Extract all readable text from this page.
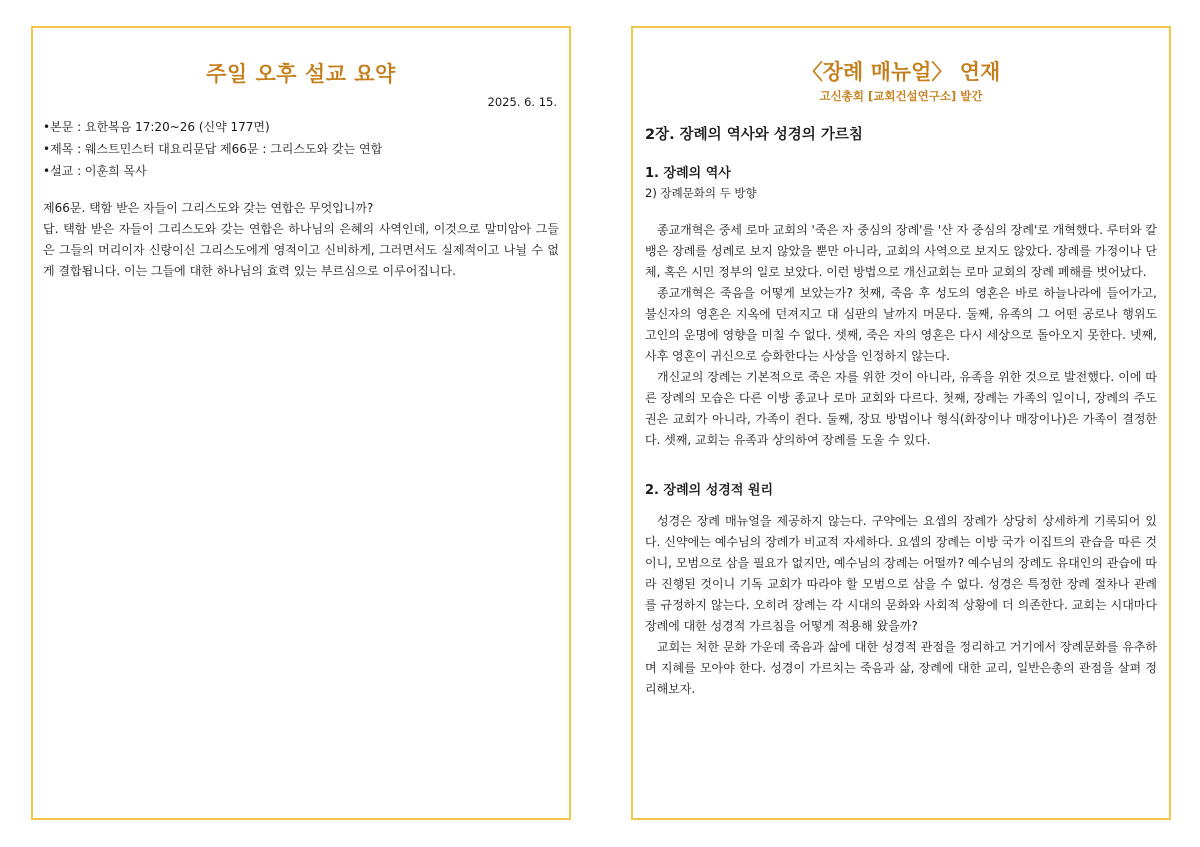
주일 오후 설교 요약
2025. 6. 15.
•본문 : 요한복음 17:20~26 (신약 177면)
•제목 : 웨스트민스터 대요리문답 제66문 : 그리스도와 갖는 연합
•설교 : 이훈희 목사

제66문. 택함 받은 자들이 그리스도와 갖는 연합은 무엇입니까?

답. 택함 받은 자들이 그리스도와 갖는 연합은 하나님의 은혜의 사역인데, 이것으로 말미암아 그들은 그들의 머리이자 신랑이신 그리스도에게 영적이고 신비하게, 그러면서도 실제적이고 나뉠 수 없게 결합됩니다. 이는 그들에 대한 하나님의 효력 있는 부르심으로 이루어집니다.

〈장례 매뉴얼〉 연재
고신총회 [교회건설연구소] 발간

2장. 장례의 역사와 성경의 가르침

1. 장례의 역사

2) 장례문화의 두 방향

종교개혁은 중세 로마 교회의 '죽은 자 중심의 장례'를 '산 자 중심의 장례'로 개혁했다. 루터와 칼뱅은 장례를 성례로 보지 않았을 뿐만 아니라, 교회의 사역으로 보지도 않았다. 장례를 가정이나 단체, 혹은 시민 정부의 일로 보았다. 이런 방법으로 개신교회는 로마 교회의 장례 폐해를 벗어났다.

종교개혁은 죽음을 어떻게 보았는가? 첫째, 죽음 후 성도의 영혼은 바로 하늘나라에 들어가고, 불신자의 영혼은 지옥에 던져지고 대 심판의 날까지 머문다. 둘째, 유족의 그 어떤 공로나 행위도 고인의 운명에 영향을 미칠 수 없다. 셋째, 죽은 자의 영혼은 다시 세상으로 돌아오지 못한다. 넷째, 사후 영혼이 귀신으로 승화한다는 사상을 인정하지 않는다.

개신교의 장례는 기본적으로 죽은 자를 위한 것이 아니라, 유족을 위한 것으로 발전했다. 이에 따른 장례의 모습은 다른 이방 종교나 로마 교회와 다르다. 첫째, 장례는 가족의 일이니, 장례의 주도권은 교회가 아니라, 가족이 쥔다. 둘째, 장묘 방법이나 형식(화장이나 매장이나)은 가족이 결정한다. 셋째, 교회는 유족과 상의하여 장례를 도울 수 있다.

2. 장례의 성경적 원리

성경은 장례 매뉴얼을 제공하지 않는다. 구약에는 요셉의 장례가 상당히 상세하게 기록되어 있다. 신약에는 예수님의 장례가 비교적 자세하다. 요셉의 장례는 이방 국가 이집트의 관습을 따른 것이니, 모범으로 삼을 필요가 없지만, 예수님의 장례는 어떨까? 예수님의 장례도 유대인의 관습에 따라 진행된 것이니 기독 교회가 따라야 할 모범으로 삼을 수 없다. 성경은 특정한 장례 절차나 관례를 규정하지 않는다. 오히려 장례는 각 시대의 문화와 사회적 상황에 더 의존한다. 교회는 시대마다 장례에 대한 성경적 가르침을 어떻게 적용해 왔을까?

교회는 처한 문화 가운데 죽음과 삶에 대한 성경적 관점을 정리하고 거기에서 장례문화를 유추하며 지혜를 모아야 한다. 성경이 가르치는 죽음과 삶, 장례에 대한 교리, 일반은총의 관점을 살펴 정리해보자.
